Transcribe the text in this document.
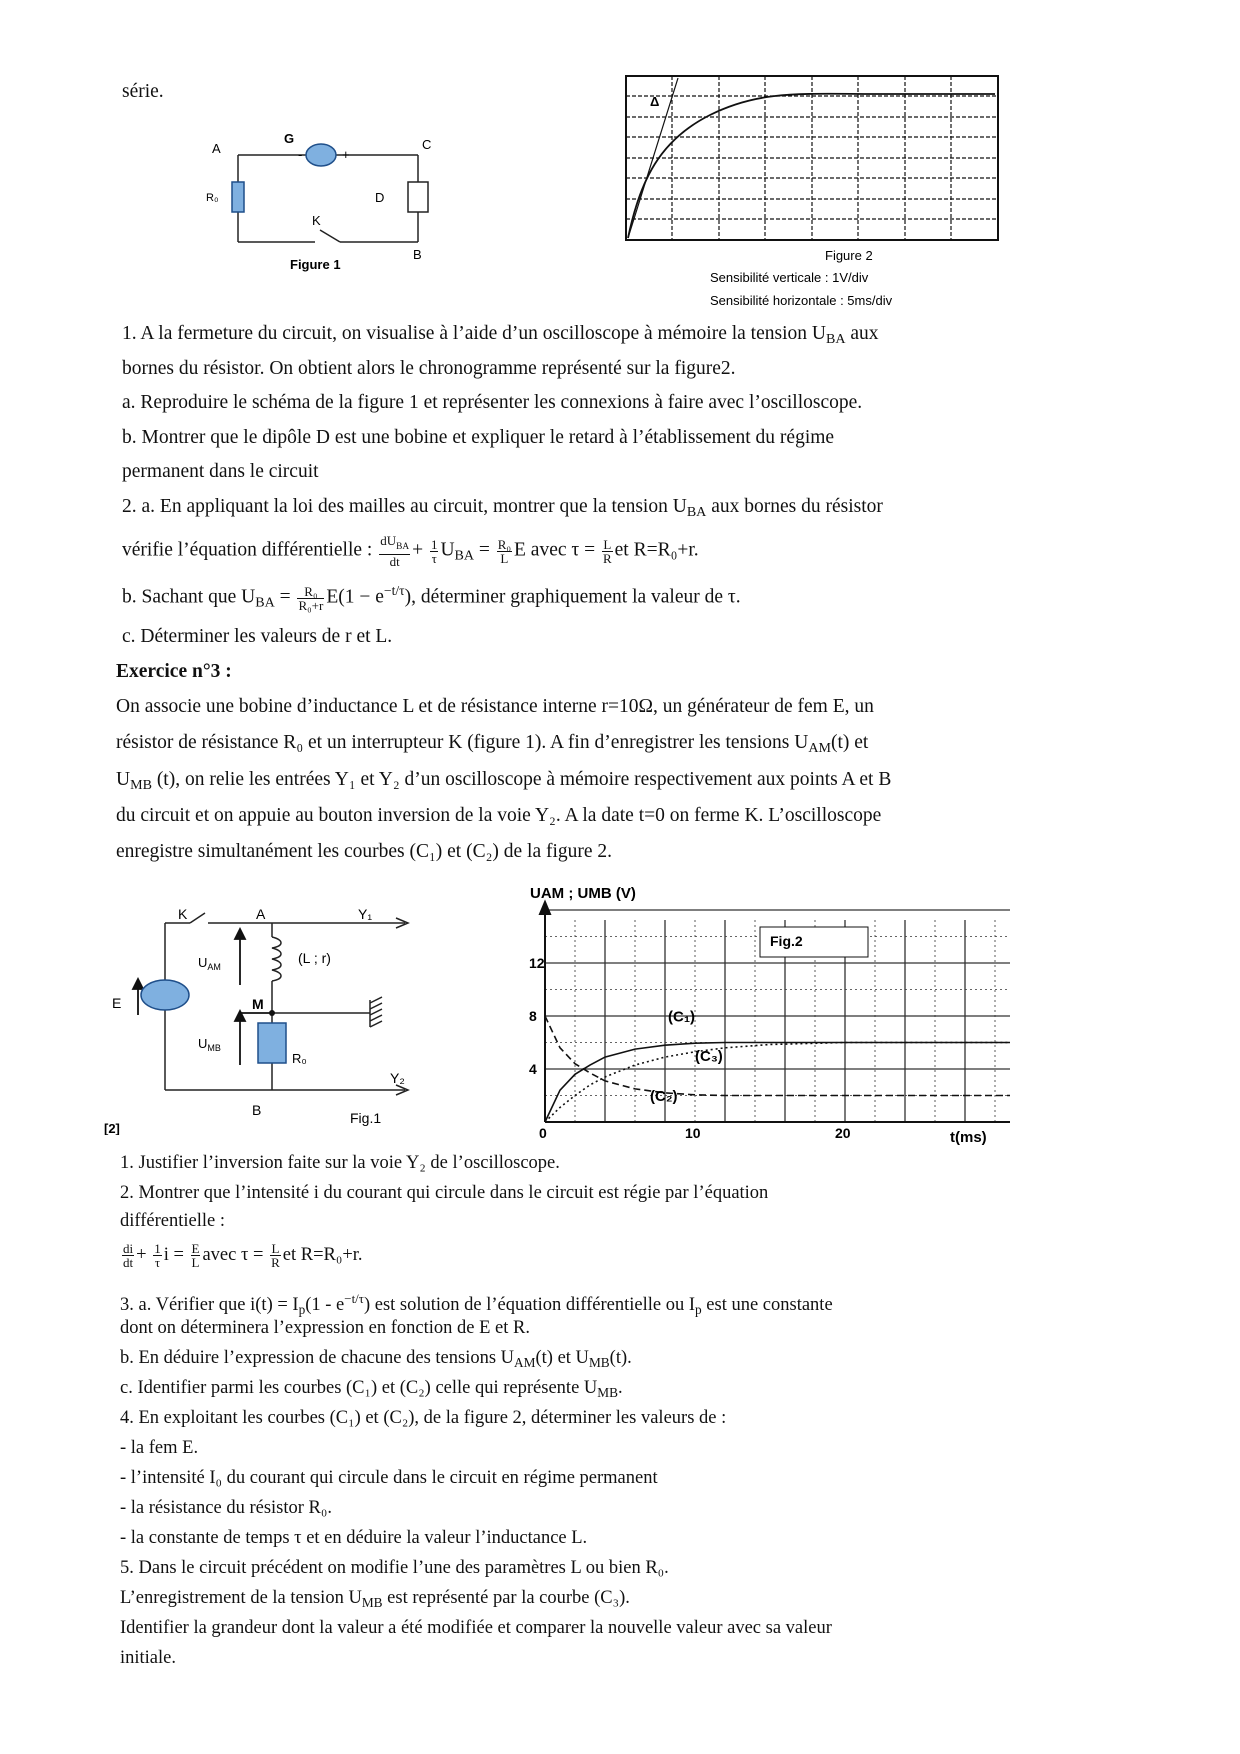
série.
A
G
-	+
C
R₀	D
K
B
Figure 1
Δ
Figure 2
Sensibilité verticale : 1V/div
Sensibilité horizontale : 5ms/div
1. A la fermeture du circuit, on visualise à l’aide d’un oscilloscope à mémoire la tension $U_{BA}$ aux
bornes du résistor. On obtient alors le chronogramme représenté sur la figure2.
a. Reproduire le schéma de la figure 1 et représenter les connexions à faire avec l’oscilloscope.
b. Montrer que le dipôle D est une bobine et expliquer le retard à l’établissement du régime
permanent dans le circuit
2. a. En appliquant la loi des mailles au circuit, montrer que la tension $U_{BA}$ aux bornes du résistor
vérifie l’équation différentielle : $\frac{dU_{BA}}{dt} + \frac{1}{\tau} U_{BA} = \frac{\text{R₀}}{L}$ E avec $\tau = \frac{L}{R}$ et R=R₀+r.
b. Sachant que $U_{BA} = \frac{\text{R₀}}{\text{R₀+r}} E(1 - e^{-t/\tau})$, déterminer graphiquement la valeur de τ.
c. Déterminer les valeurs de r et L.
Exercice n°3 :
On associe une bobine d’inductance L et de résistance interne r=10Ω, un générateur de fem E, un
résistor de résistance R₀ et un interrupteur K (figure 1). A fin d’enregistrer les tensions $U_{AM}(t)$ et
$U_{MB}$ (t), on relie les entrées Y₁ et Y₂ d’un oscilloscope à mémoire respectivement aux points A et B
du circuit et on appuie au bouton inversion de la voie Y₂. A la date t=0 on ferme K. L’oscilloscope
enregistre simultanément les courbes (C₁) et (C₂) de la figure 2.
K	A	Y₁
$U_{AM}$
(L ; r)
E	M
$U_{MB}$
R₀
Y₂
B	Fig.1
[2]
(C₁)
(C₃)
(C₂)
4
8
12
0	10	20
UAM ; UMB (V)
t(ms)
Fig.2
1. Justifier l’inversion faite sur la voie Y₂ de l’oscilloscope.
2. Montrer que l’intensité i du courant qui circule dans le circuit est régie par l’équation
différentielle :
$\frac{di}{dt} + \frac{1}{\tau}$ $i = \frac{E}{L}$ avec $\tau = \frac{L}{R}$ et R=R₀+r.
3. a. Vérifier que $i(t) = I_p(1 - e^{-t/\tau})$ est solution de l’équation différentielle ou $I_p$ est une constante
dont on déterminera l’expression en fonction de E et R.
b. En déduire l’expression de chacune des tensions $U_{AM}(t)$ et $U_{MB}(t)$.
c. Identifier parmi les courbes (C₁) et (C₂) celle qui représente $U_{MB}$.
4. En exploitant les courbes (C₁) et (C₂), de la figure 2, déterminer les valeurs de :
- la fem E.
- l’intensité I₀ du courant qui circule dans le circuit en régime permanent
- la résistance du résistor R₀.
- la constante de temps τ et en déduire la valeur l’inductance L.
5. Dans le circuit précédent on modifie l’une des paramètres L ou bien R₀.
L’enregistrement de la tension $U_{MB}$ est représenté par la courbe (C₃).
Identifier la grandeur dont la valeur a été modifiée et comparer la nouvelle valeur avec sa valeur
initiale.
